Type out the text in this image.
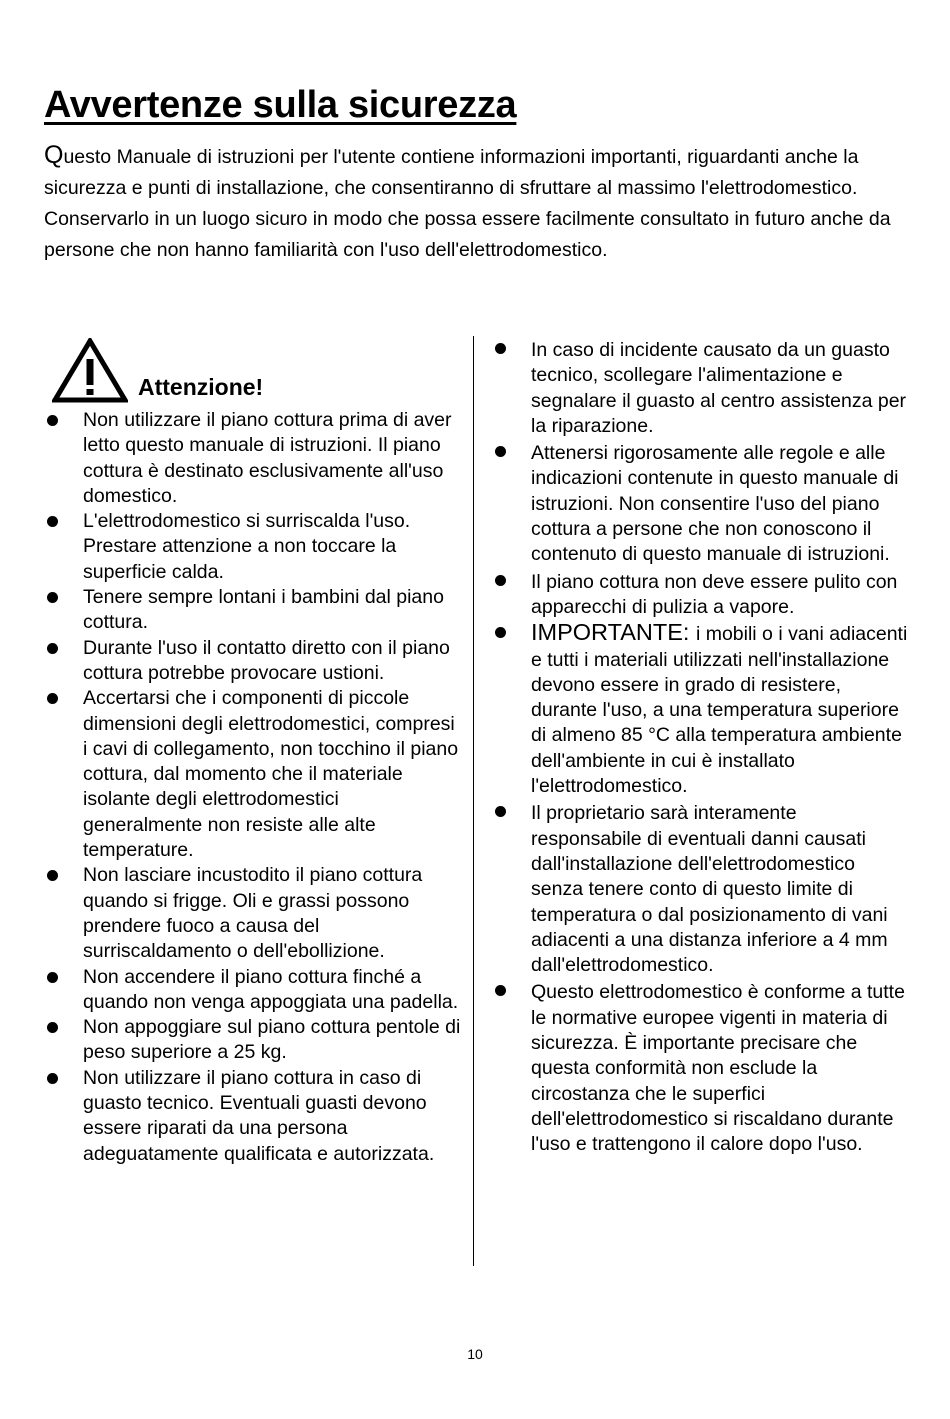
Avvertenze sulla sicurezza

Questo Manuale di istruzioni per l'utente contiene informazioni importanti, riguardanti anche la sicurezza e punti di installazione, che consentiranno di sfruttare al massimo l'elettrodomestico. Conservarlo in un luogo sicuro in modo che possa essere facilmente consultato in futuro anche da persone che non hanno familiarità con l'uso dell'elettrodomestico.

Attenzione!
Non utilizzare il piano cottura prima di aver letto questo manuale di istruzioni. Il piano cottura è destinato esclusivamente all'uso domestico.
L'elettrodomestico si surriscalda l'uso. Prestare attenzione a non toccare la superficie calda.
Tenere sempre lontani i bambini dal piano cottura.
Durante l'uso il contatto diretto con il piano cottura potrebbe provocare ustioni.
Accertarsi che i componenti di piccole dimensioni degli elettrodomestici, compresi i cavi di collegamento, non tocchino il piano cottura, dal momento che il materiale isolante degli elettrodomestici generalmente non resiste alle alte temperature.
Non lasciare incustodito il piano cottura quando si frigge. Oli e grassi possono prendere fuoco a causa del surriscaldamento o dell'ebollizione.
Non accendere il piano cottura finché a quando non venga appoggiata una padella.
Non appoggiare sul piano cottura pentole di peso superiore a 25 kg.
Non utilizzare il piano cottura in caso di guasto tecnico. Eventuali guasti devono essere riparati da una persona adeguatamente qualificata e autorizzata.
In caso di incidente causato da un guasto tecnico, scollegare l'alimentazione e segnalare il guasto al centro assistenza per la riparazione.
Attenersi rigorosamente alle regole e alle indicazioni contenute in questo manuale di istruzioni. Non consentire l'uso del piano cottura a persone che non conoscono il contenuto di questo manuale di istruzioni.
Il piano cottura non deve essere pulito con apparecchi di pulizia a vapore.
IMPORTANTE: i mobili o i vani adiacenti e tutti i materiali utilizzati nell'installazione devono essere in grado di resistere, durante l'uso, a una temperatura superiore di almeno 85 °C alla temperatura ambiente dell'ambiente in cui è installato l'elettrodomestico.
Il proprietario sarà interamente responsabile di eventuali danni causati dall'installazione dell'elettrodomestico senza tenere conto di questo limite di temperatura o dal posizionamento di vani adiacenti a una distanza inferiore a 4 mm dall'elettrodomestico.
Questo elettrodomestico è conforme a tutte le normative europee vigenti in materia di sicurezza. È importante precisare che questa conformità non esclude la circostanza che le superfici dell'elettrodomestico si riscaldano durante l'uso e trattengono il calore dopo l'uso.
10
